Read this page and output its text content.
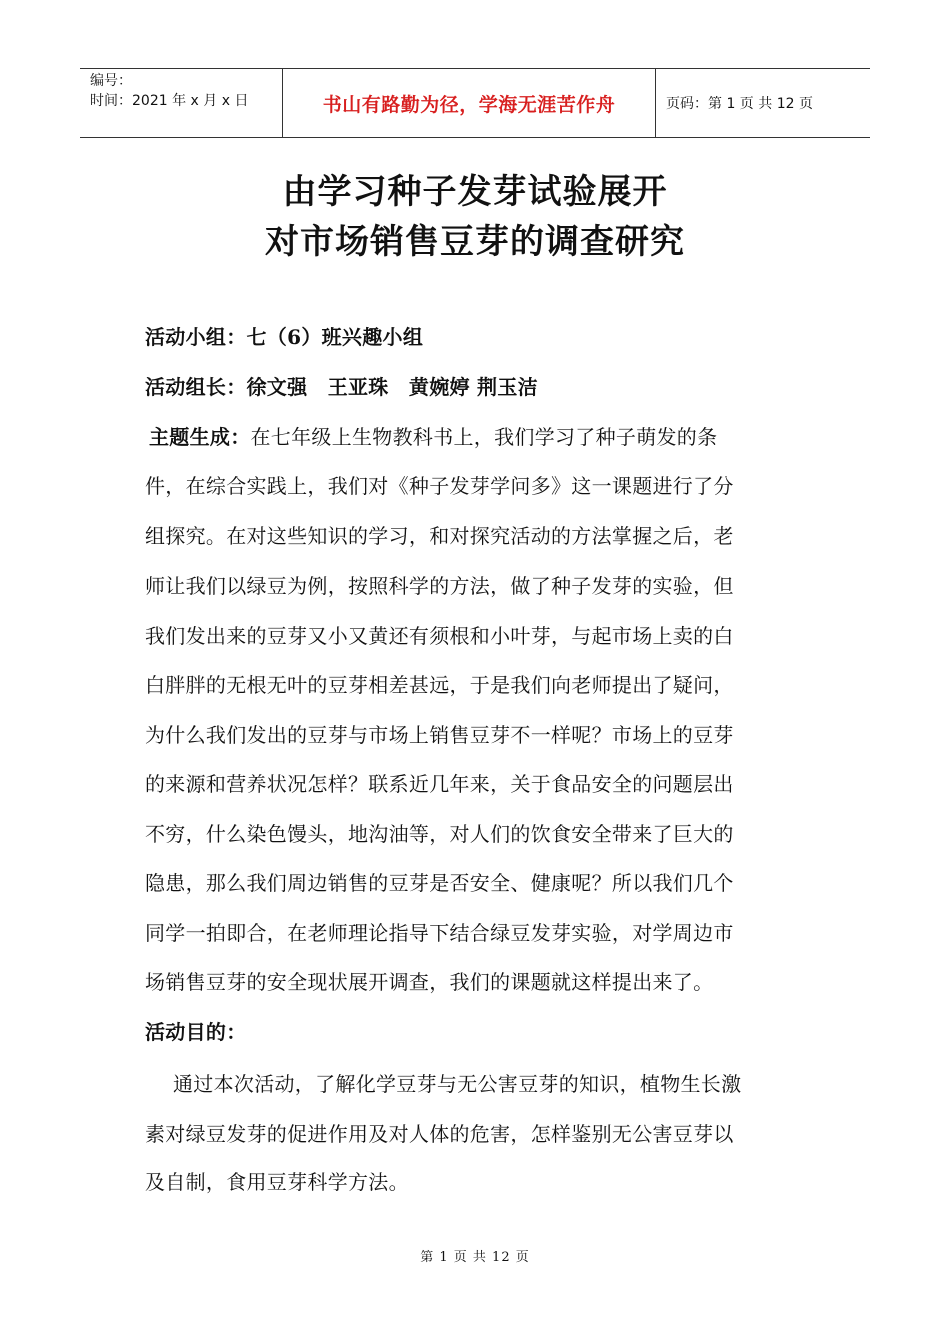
编号：
时间：2021 年 x 月 x 日	书山有路勤为径，学海无涯苦作舟	页码：第 1 页 共 12 页
由学习种子发芽试验展开
对市场销售豆芽的调查研究
活动小组：七（6）班兴趣小组
活动组长：徐文强　王亚珠　黄婉婷 荆玉洁
主题生成：在七年级上生物教科书上，我们学习了种子萌发的条
件，在综合实践上，我们对《种子发芽学问多》这一课题进行了分
组探究。在对这些知识的学习，和对探究活动的方法掌握之后，老
师让我们以绿豆为例，按照科学的方法，做了种子发芽的实验，但
我们发出来的豆芽又小又黄还有须根和小叶芽，与起市场上卖的白
白胖胖的无根无叶的豆芽相差甚远，于是我们向老师提出了疑问，
为什么我们发出的豆芽与市场上销售豆芽不一样呢？市场上的豆芽
的来源和营养状况怎样？联系近几年来，关于食品安全的问题层出
不穷，什么染色馒头，地沟油等，对人们的饮食安全带来了巨大的
隐患，那么我们周边销售的豆芽是否安全、健康呢？所以我们几个
同学一拍即合，在老师理论指导下结合绿豆发芽实验，对学周边市
场销售豆芽的安全现状展开调查，我们的课题就这样提出来了。
活动目的：
通过本次活动，了解化学豆芽与无公害豆芽的知识，植物生长激
素对绿豆发芽的促进作用及对人体的危害，怎样鉴别无公害豆芽以
及自制，食用豆芽科学方法。
第 1 页 共 12 页
